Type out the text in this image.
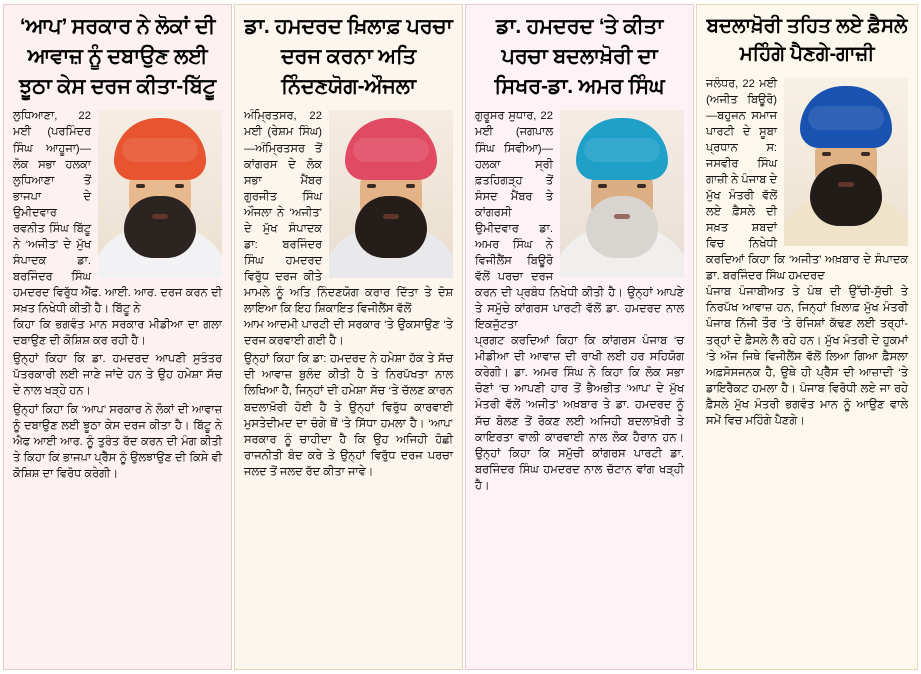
‘ਆਪ’ ਸਰਕਾਰ ਨੇ ਲੋਕਾਂ ਦੀ ਆਵਾਜ਼ ਨੂੰ ਦਬਾਉਣ ਲਈ ਝੂਠਾ ਕੇਸ ਦਰਜ ਕੀਤਾ-ਬਿੱਟੂ

ਲੁਧਿਆਣਾ, 22 ਮਈ (ਪਰਮਿੰਦਰ ਸਿੰਘ ਆਹੂਜਾ)—ਲੋਕ ਸਭਾ ਹਲਕਾ ਲੁਧਿਆਣਾ ਤੋਂ ਭਾਜਪਾ ਦੇ ਉਮੀਦਵਾਰ ਰਵਨੀਤ ਸਿੰਘ ਬਿੱਟੂ ਨੇ ‘ਅਜੀਤ’ ਦੇ ਮੁੱਖ ਸੰਪਾਦਕ ਡਾ. ਬਰਜਿੰਦਰ ਸਿੰਘ ਹਮਦਰਦ ਵਿਰੁੱਧ ਐੱਫ. ਆਈ. ਆਰ. ਦਰਜ ਕਰਨ ਦੀ ਸਖ਼ਤ ਨਿਖੇਧੀ ਕੀਤੀ ਹੈ। ਬਿੱਟੂ ਨੇ

ਕਿਹਾ ਕਿ ਭਗਵੰਤ ਮਾਨ ਸਰਕਾਰ ਮੀਡੀਆ ਦਾ ਗਲਾ ਦਬਾਉਣ ਦੀ ਕੋਸ਼ਿਸ਼ ਕਰ ਰਹੀ ਹੈ।

ਉਨ੍ਹਾਂ ਕਿਹਾ ਕਿ ਡਾ. ਹਮਦਰਦ ਆਪਣੀ ਸੁਤੰਤਰ ਪੱਤਰਕਾਰੀ ਲਈ ਜਾਣੇ ਜਾਂਦੇ ਹਨ ਤੇ ਉਹ ਹਮੇਸ਼ਾ ਸੱਚ ਦੇ ਨਾਲ ਖੜ੍ਹੇ ਹਨ।

ਉਨ੍ਹਾਂ ਕਿਹਾ ਕਿ ‘ਆਪ’ ਸਰਕਾਰ ਨੇ ਲੋਕਾਂ ਦੀ ਆਵਾਜ਼ ਨੂੰ ਦਬਾਉਣ ਲਈ ਝੂਠਾ ਕੇਸ ਦਰਜ ਕੀਤਾ ਹੈ। ਬਿੱਟੂ ਨੇ ਐਫ ਆਈ ਆਰ. ਨੂੰ ਤੁਰੰਤ ਰੱਦ ਕਰਨ ਦੀ ਮੰਗ ਕੀਤੀ ਤੇ ਕਿਹਾ ਕਿ ਭਾਜਪਾ ਪ੍ਰੈੱਸ ਨੂੰ ਉਲਝਾਉਣ ਦੀ ਕਿਸੇ ਵੀ ਕੋਸ਼ਿਸ਼ ਦਾ ਵਿਰੋਧ ਕਰੇਗੀ।

ਡਾ. ਹਮਦਰਦ ਖ਼ਿਲਾਫ਼ ਪਰਚਾ ਦਰਜ ਕਰਨਾ ਅਤਿ ਨਿੰਦਣਯੋਗ-ਔਜਲਾ

ਅੰਮ੍ਰਿਤਸਰ, 22 ਮਈ (ਰੇਸ਼ਮ ਸਿੰਘ)—ਅੰਮ੍ਰਿਤਸਰ ਤੋਂ ਕਾਂਗਰਸ ਦੇ ਲੋਕ ਸਭਾ ਮੈਂਬਰ ਗੁਰਜੀਤ ਸਿੰਘ ਔਜਲਾ ਨੇ ‘ਅਜੀਤ’ ਦੇ ਮੁੱਖ ਸੰਪਾਦਕ ਡਾ: ਬਰਜਿੰਦਰ ਸਿੰਘ ਹਮਦਰਦ ਵਿਰੁੱਧ ਦਰਜ ਕੀਤੇ ਮਾਮਲੇ ਨੂੰ ਅਤਿ ਨਿੰਦਣਯੋਗ ਕਰਾਰ ਦਿੱਤਾ ਤੇ ਦੋਸ਼ ਲਾਇਆ ਕਿ ਇਹ ਸ਼ਿਕਾਇਤ ਵਿਜੀਲੈਂਸ ਵੱਲੋਂ

ਆਮ ਆਦਮੀ ਪਾਰਟੀ ਦੀ ਸਰਕਾਰ ‘ਤੇ ਉਕਸਾਉਣ ‘ਤੇ ਦਰਜ ਕਰਵਾਈ ਗਈ ਹੈ।

ਉਨ੍ਹਾਂ ਕਿਹਾ ਕਿ ਡਾ: ਹਮਦਰਦ ਨੇ ਹਮੇਸ਼ਾ ਹੱਕ ਤੇ ਸੱਚ ਦੀ ਆਵਾਜ਼ ਬੁਲੰਦ ਕੀਤੀ ਹੈ ਤੇ ਨਿਰਪੱਖਤਾ ਨਾਲ ਲਿਖਿਆ ਹੈ, ਜਿਨ੍ਹਾਂ ਦੀ ਹਮੇਸ਼ਾ ਸੱਚ ‘ਤੇ ਚੱਲਣ ਕਾਰਨ ਬਦਲਾਖ਼ੋਰੀ ਹੋਈ ਹੈ ਤੇ ਉਨ੍ਹਾਂ ਵਿਰੁੱਧ ਕਾਰਵਾਈ ਮੁਸਤੇਦੀਮਦ ਦਾ ਚੰਗੇ ਥੋਂ ‘ਤੇ ਸਿੱਧਾ ਹਮਲਾ ਹੈ। ‘ਆਪ’ ਸਰਕਾਰ ਨੂੰ ਚਾਹੀਦਾ ਹੈ ਕਿ ਉਹ ਅਜਿਹੀ ਹੋਛੀ ਰਾਜਨੀਤੀ ਬੰਦ ਕਰੇ ਤੇ ਉਨ੍ਹਾਂ ਵਿਰੁੱਧ ਦਰਜ ਪਰਚਾ ਜਲਦ ਤੋਂ ਜਲਦ ਰੱਦ ਕੀਤਾ ਜਾਵੇ।

ਡਾ. ਹਮਦਰਦ ‘ਤੇ ਕੀਤਾ ਪਰਚਾ ਬਦਲਾਖ਼ੋਰੀ ਦਾ ਸਿਖਰ-ਡਾ. ਅਮਰ ਸਿੰਘ

ਗੁਰੂਸਰ ਸੁਧਾਰ, 22 ਮਈ (ਜਗਪਾਲ ਸਿੰਘ ਸਿਵੀਆ)—ਹਲਕਾ ਸ੍ਰੀ ਫ਼ਤਹਿਗੜ੍ਹ ਤੋਂ ਸੰਸਦ ਮੈਂਬਰ ਤੇ ਕਾਂਗਰਸੀ ਉਮੀਦਵਾਰ ਡਾ. ਅਮਰ ਸਿੰਘ ਨੇ ਵਿਜੀਲੈਂਸ ਬਿਊਰੋ ਵੱਲੋਂ ਪਰਚਾ ਦਰਜ ਕਰਨ ਦੀ ਪ੍ਰਬੰਧ ਨਿਖੇਧੀ ਕੀਤੀ ਹੈ। ਉਨ੍ਹਾਂ ਆਪਣੇ ਤੇ ਸਮੁੱਚੇ ਕਾਂਗਰਸ ਪਾਰਟੀ ਵੱਲੋਂ ਡਾ. ਹਮਦਰਦ ਨਾਲ ਇਕਜੁੱਟਤਾ

ਪ੍ਰਗਟ ਕਰਦਿਆਂ ਕਿਹਾ ਕਿ ਕਾਂਗਰਸ ਪੰਜਾਬ ‘ਚ ਮੀਡੀਆ ਦੀ ਆਵਾਜ਼ ਦੀ ਰਾਖੀ ਲਈ ਹਰ ਸਹਿਯੋਗ ਕਰੇਗੀ। ਡਾ. ਅਮਰ ਸਿੰਘ ਨੇ ਕਿਹਾ ਕਿ ਲੋਕ ਸਭਾ ਚੋਣਾਂ ‘ਚ ਆਪਣੀ ਹਾਰ ਤੋਂ ਭੈਅਭੀਤ ‘ਆਪ’ ਦੇ ਮੁੱਖ ਮੰਤਰੀ ਵੱਲੋਂ ‘ਅਜੀਤ’ ਅਖ਼ਬਾਰ ਤੇ ਡਾ. ਹਮਦਰਦ ਨੂੰ ਸੱਚ ਬੋਲਣ ਤੋਂ ਰੋਕਣ ਲਈ ਅਜਿਹੀ ਬਦਲਾਖ਼ੋਰੀ ਤੇ ਕਾਇਰਤਾ ਵਾਲੀ ਕਾਰਵਾਈ ਨਾਲ ਲੋਕ ਹੈਰਾਨ ਹਨ। ਉਨ੍ਹਾਂ ਕਿਹਾ ਕਿ ਸਮੁੱਚੀ ਕਾਂਗਰਸ ਪਾਰਟੀ ਡਾ. ਬਰਜਿੰਦਰ ਸਿੰਘ ਹਮਦਰਦ ਨਾਲ ਚੱਟਾਨ ਵਾਂਗ ਖੜ੍ਹੀ ਹੈ।

ਬਦਲਾਖ਼ੋਰੀ ਤਹਿਤ ਲਏ ਫ਼ੈਸਲੇ ਮਹਿੰਗੇ ਪੈਣਗੇ-ਗਾਜ਼ੀ

ਜਲੰਧਰ, 22 ਮਈ (ਅਜੀਤ ਬਿਊਰੋ)—ਬਹੁਜਨ ਸਮਾਜ ਪਾਰਟੀ ਦੇ ਸੂਬਾ ਪ੍ਰਧਾਨ ਸ: ਜਸਵੀਰ ਸਿੰਘ ਗਾਜ਼ੀ ਨੇ ਪੰਜਾਬ ਦੇ ਮੁੱਖ ਮੰਤਰੀ ਵੱਲੋਂ ਲਏ ਫ਼ੈਸਲੇ ਦੀ ਸਖ਼ਤ ਸ਼ਬਦਾਂ ਵਿਚ ਨਿਖੇਧੀ ਕਰਦਿਆਂ ਕਿਹਾ ਕਿ ‘ਅਜੀਤ’ ਅਖ਼ਬਾਰ ਦੇ ਸੰਪਾਦਕ ਡਾ. ਬਰਜਿੰਦਰ ਸਿੰਘ ਹਮਦਰਦ

ਪੰਜਾਬ ਪੰਜਾਬੀਅਤ ਤੇ ਪੰਥ ਦੀ ਉੱਚੀ-ਸੁੱਚੀ ਤੇ ਨਿਰਪੱਖ ਆਵਾਜ਼ ਹਨ, ਜਿਨ੍ਹਾਂ ਖ਼ਿਲਾਫ਼ ਮੁੱਖ ਮੰਤਰੀ ਪੰਜਾਬ ਨਿੱਜੀ ਤੌਰ ‘ਤੇ ਰੰਜਿਸ਼ਾਂ ਕੱਢਣ ਲਈ ਤਰ੍ਹਾਂ-ਤਰ੍ਹਾਂ ਦੇ ਫ਼ੈਸਲੇ ਲੈ ਰਹੇ ਹਨ। ਮੁੱਖ ਮੰਤਰੀ ਦੇ ਹੁਕਮਾਂ ‘ਤੇ ਅੱਜ ਜਿਥੇ ਵਿਜੀਲੈਂਸ ਵੱਲੋਂ ਲਿਆ ਗਿਆ ਫ਼ੈਸਲਾ ਅਫ਼ਸੋਸਜਨਕ ਹੈ, ਉਥੇ ਹੀ ਪ੍ਰੈੱਸ ਦੀ ਆਜ਼ਾਦੀ ‘ਤੇ ਡਾਇਰੈਕਟ ਹਮਲਾ ਹੈ। ਪੰਜਾਬ ਵਿਰੋਧੀ ਲਏ ਜਾ ਰਹੇ ਫ਼ੈਸਲੇ ਮੁੱਖ ਮੰਤਰੀ ਭਗਵੰਤ ਮਾਨ ਨੂੰ ਆਉਣ ਵਾਲੇ ਸਮੇਂ ਵਿਚ ਮਹਿੰਗੇ ਪੈਣਗੇ।
